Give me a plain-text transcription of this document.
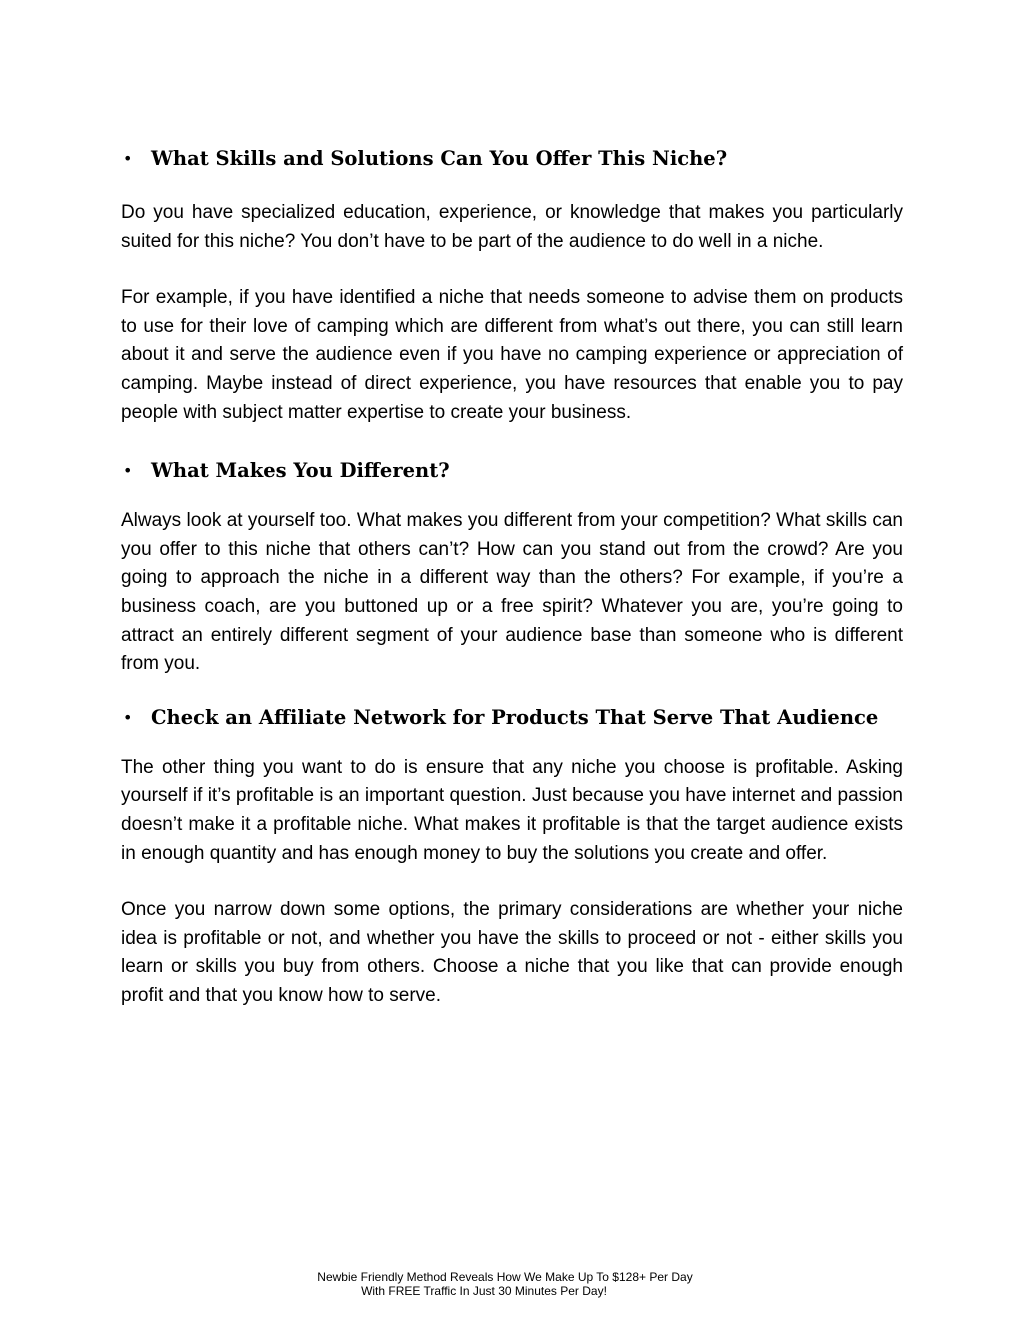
• What Skills and Solutions Can You Offer This Niche?

Do you have specialized education, experience, or knowledge that makes you particularly suited for this niche? You don’t have to be part of the audience to do well in a niche.

For example, if you have identified a niche that needs someone to advise them on products to use for their love of camping which are different from what’s out there, you can still learn about it and serve the audience even if you have no camping experience or appreciation of camping. Maybe instead of direct experience, you have resources that enable you to pay people with subject matter expertise to create your business.

• What Makes You Different?

Always look at yourself too. What makes you different from your competition? What skills can you offer to this niche that others can’t? How can you stand out from the crowd? Are you going to approach the niche in a different way than the others? For example, if you’re a business coach, are you buttoned up or a free spirit? Whatever you are, you’re going to attract an entirely different segment of your audience base than someone who is different from you.

• Check an Affiliate Network for Products That Serve That Audience

The other thing you want to do is ensure that any niche you choose is profitable. Asking yourself if it’s profitable is an important question. Just because you have internet and passion doesn’t make it a profitable niche. What makes it profitable is that the target audience exists in enough quantity and has enough money to buy the solutions you create and offer.

Once you narrow down some options, the primary considerations are whether your niche idea is profitable or not, and whether you have the skills to proceed or not - either skills you learn or skills you buy from others. Choose a niche that you like that can provide enough profit and that you know how to serve.

Newbie Friendly Method Reveals How We Make Up To $128+ Per Day
With FREE Traffic In Just 30 Minutes Per Day!
